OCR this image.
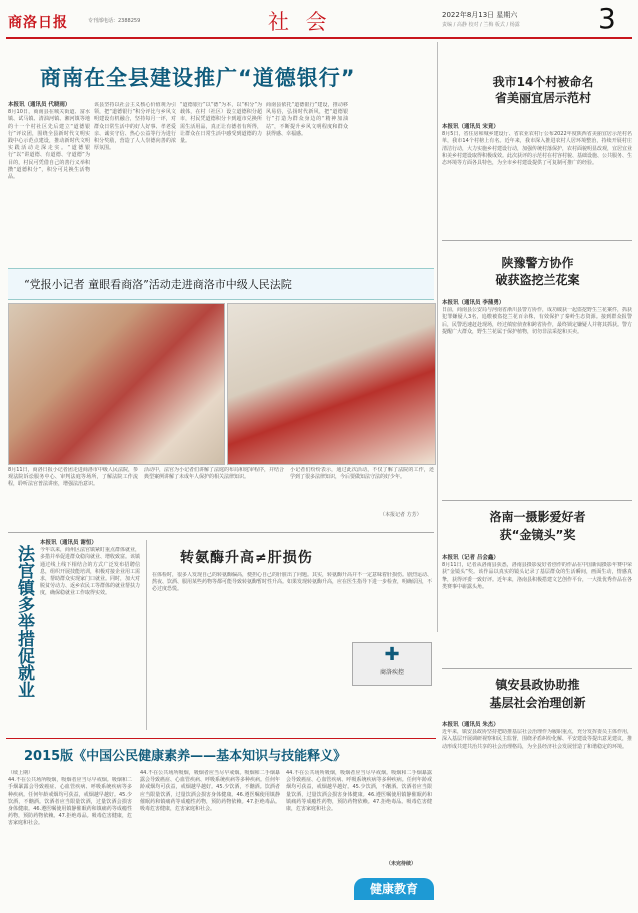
商洛日报	专刊部电话：2388259	社 会	2022年8月13日 星期六
责编 / 高静 校对 / 兰梅 板式 / 杨露	3
商南在全县建设推广“道德银行”
本报讯（通讯员 代晓雨）
8月10日，商南县在城关街道、富水镇、试马镇、清油河镇、湘河镇等地的十一个村社区先后建立“道德银行”评议团，围绕全县新时代文明实践中心示范点建设，推动新时代文明实践活动走深走实。“道德银行”以“讲道德、有道德、守道德”为目的，村民可凭借自己的善行义举积攒“道德积分”，积分可兑换生活物品。
该县坚持以社会主义核心价值观为引领，把“道德银行”积分评比与乡风文明建设有机融合，坚持每月一评，对群众日常生活中的好人好事、孝老爱亲、诚实守信、热心公益等行为进行积分奖励，营造了人人崇德向善的浓厚氛围。
“道德银行”以“德”为本，以“积分”为载体，在村（社区）设立道德积分超市，村民凭道德积分卡到超市兑换所需生活用品，真正让有德者有所得，让群众在日常生活中感受到道德的力量。
商南县依托“道德银行”建设，推动移风易俗，弘扬时代新风，把“道德银行”打造为群众身边的“精神加油站”，不断提升乡风文明程度和群众获得感、幸福感。
我市14个村被命名
省美丽宜居示范村
本报讯（通讯员 宋竟）
8月5日，省住房和城乡建设厅、省农业农村厅公布2022年度陕西省美丽宜居示范村名单，我市14个村榜上有名。近年来，我市深入推进农村人居环境整治，持续开展村庄清洁行动，大力实施乡村建设行动，加强传统村落保护，农村面貌明显改观，宜居宜业和美乡村建设取得积极成效。此次获评的示范村在村容村貌、基础设施、公共服务、生态环境等方面各具特色，为全市乡村建设提供了可复制可推广的经验。
陕豫警方协作
破获盗挖兰花案
本报讯（通讯员 李蒲勇）
日前，商南县公安局与河南省淅川县警方协作，成功破获一起盗挖野生兰花案件，抓获犯罪嫌疑人3名，追缴被盗挖兰花百余株，有效保护了秦岭生态资源。接到群众报警后，民警迅速赶赴现场，经过缜密侦查和跨省协作，最终锁定嫌疑人并将其抓获。警方提醒广大群众，野生兰花属于保护植物，切勿非法采挖和买卖。
洛南一摄影爱好者
获“金镜头”奖
本报讯（记者 吕会鑫）
8月11日，记者从洛南县获悉，洛南县摄影爱好者创作的作品在中国新闻摄影年赛中荣获“金镜头”奖。该作品以真实的镜头记录了基层群众的生活瞬间，画面生动，情感真挚，获得评委一致好评。近年来，洛南县积极搭建文艺创作平台，一大批优秀作品在各类赛事中崭露头角。
镇安县政协助推
基层社会治理创新
本报讯（通讯员 朱杰）
近年来，镇安县政协坚持把助推基层社会治理作为履职重点，充分发挥委员主体作用，深入基层开展调研视察和民主监督，围绕矛盾纠纷化解、平安建设等提出意见建议，推动形成共建共治共享的社会治理格局，为全县经济社会发展营造了和谐稳定的环境。
“党报小记者 童眼看商洛”活动走进商洛市中级人民法院
8月11日，商洛日报小记者团走进商洛市中级人民法院，参观法院诉讼服务中心、审判法庭等场所，了解法院工作流程，聆听法官普法讲座，增强法治意识。
活动中，法官为小记者们讲解了法庭的布局和庭审程序，并结合典型案例讲解了未成年人保护的相关法律知识。
小记者们纷纷表示，通过此次活动，不仅了解了法院的工作，还学到了很多法律知识，今后要做知法守法的好少年。
（本报记者 方芳）
法官镇多举措促就业
本报讯（通讯员 谢恒）
今年以来，商州区法官镇紧盯重点群体就业，多措并举促进群众稳岗就业、增收致富。该镇通过线上线下相结合的方式广泛发布招聘信息，组织开展技能培训，积极对接企业用工需求，帮助群众实现家门口就业。同时，加大对脱贫劳动力、返乡农民工等群体的就业帮扶力度，确保稳就业工作取得实效。
转氨酶升高≠肝损伤
在体检时，很多人发现自己的转氨酶偏高，便担心自己的肝脏出了问题。其实，转氨酶升高并不一定意味着肝损伤。剧烈运动、熬夜、饮酒、服用某些药物等都可能导致转氨酶暂时性升高。如果发现转氨酶升高，应在医生指导下进一步检查，明确原因，不必过度恐慌。
✚
商洛疾控
2015版《中国公民健康素养——基本知识与技能释义》
（续上期）
44.不在公共场所吸烟，吸烟者应当尽早戒烟。吸烟和二手烟暴露会导致癌症、心血管疾病、呼吸系统疾病等多种疾病。任何年龄戒烟均可获益，戒烟越早越好。45.少饮酒，不酗酒。饮酒者应当限量饮酒，过量饮酒会损害身体健康。46.遵医嘱使用镇静催眠药和镇痛药等成瘾性药物，预防药物依赖。47.拒绝毒品。吸毒危害健康，危害家庭和社会。
44.不在公共场所吸烟，吸烟者应当尽早戒烟。吸烟和二手烟暴露会导致癌症、心血管疾病、呼吸系统疾病等多种疾病。任何年龄戒烟均可获益，戒烟越早越好。45.少饮酒，不酗酒。饮酒者应当限量饮酒，过量饮酒会损害身体健康。46.遵医嘱使用镇静催眠药和镇痛药等成瘾性药物，预防药物依赖。47.拒绝毒品。吸毒危害健康，危害家庭和社会。
44.不在公共场所吸烟，吸烟者应当尽早戒烟。吸烟和二手烟暴露会导致癌症、心血管疾病、呼吸系统疾病等多种疾病。任何年龄戒烟均可获益，戒烟越早越好。45.少饮酒，不酗酒。饮酒者应当限量饮酒，过量饮酒会损害身体健康。46.遵医嘱使用镇静催眠药和镇痛药等成瘾性药物，预防药物依赖。47.拒绝毒品。吸毒危害健康，危害家庭和社会。
（未完待续）
健康教育
